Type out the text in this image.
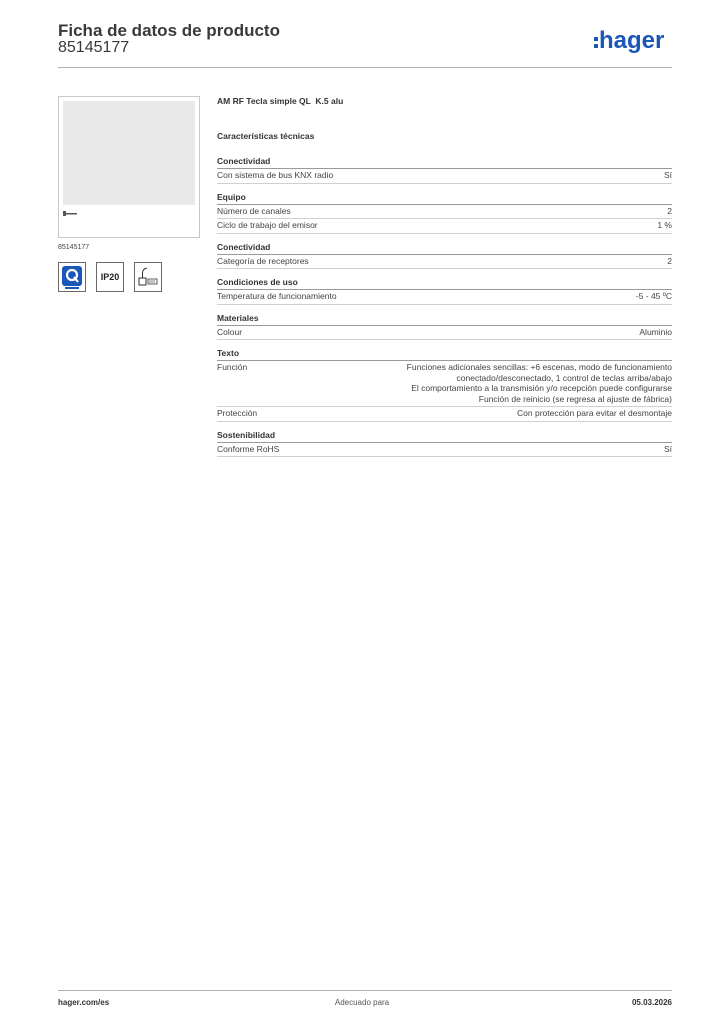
Ficha de datos de producto
85145177	hager
85145177
IP20
AM RF Tecla simple QL  K.5 alu
Características técnicas
Conectividad
Con sistema de bus KNX radio	Sí
Equipo
Número de canales	2
Ciclo de trabajo del emisor	1 %
Conectividad
Categoría de receptores	2
Condiciones de uso
Temperatura de funcionamiento	-5 - 45 ºC
Materiales
Colour	Aluminio
Texto
Función	Funciones adicionales sencillas: +6 escenas, modo de funcionamiento
conectado/desconectado, 1 control de teclas arriba/abajo
El comportamiento a la transmisión y/o recepción puede configurarse
Función de reinicio (se regresa al ajuste de fábrica)
Protección	Con protección para evitar el desmontaje
Sostenibilidad
Conforme RoHS	Sí
hager.com/es	Adecuado para	05.03.2026
